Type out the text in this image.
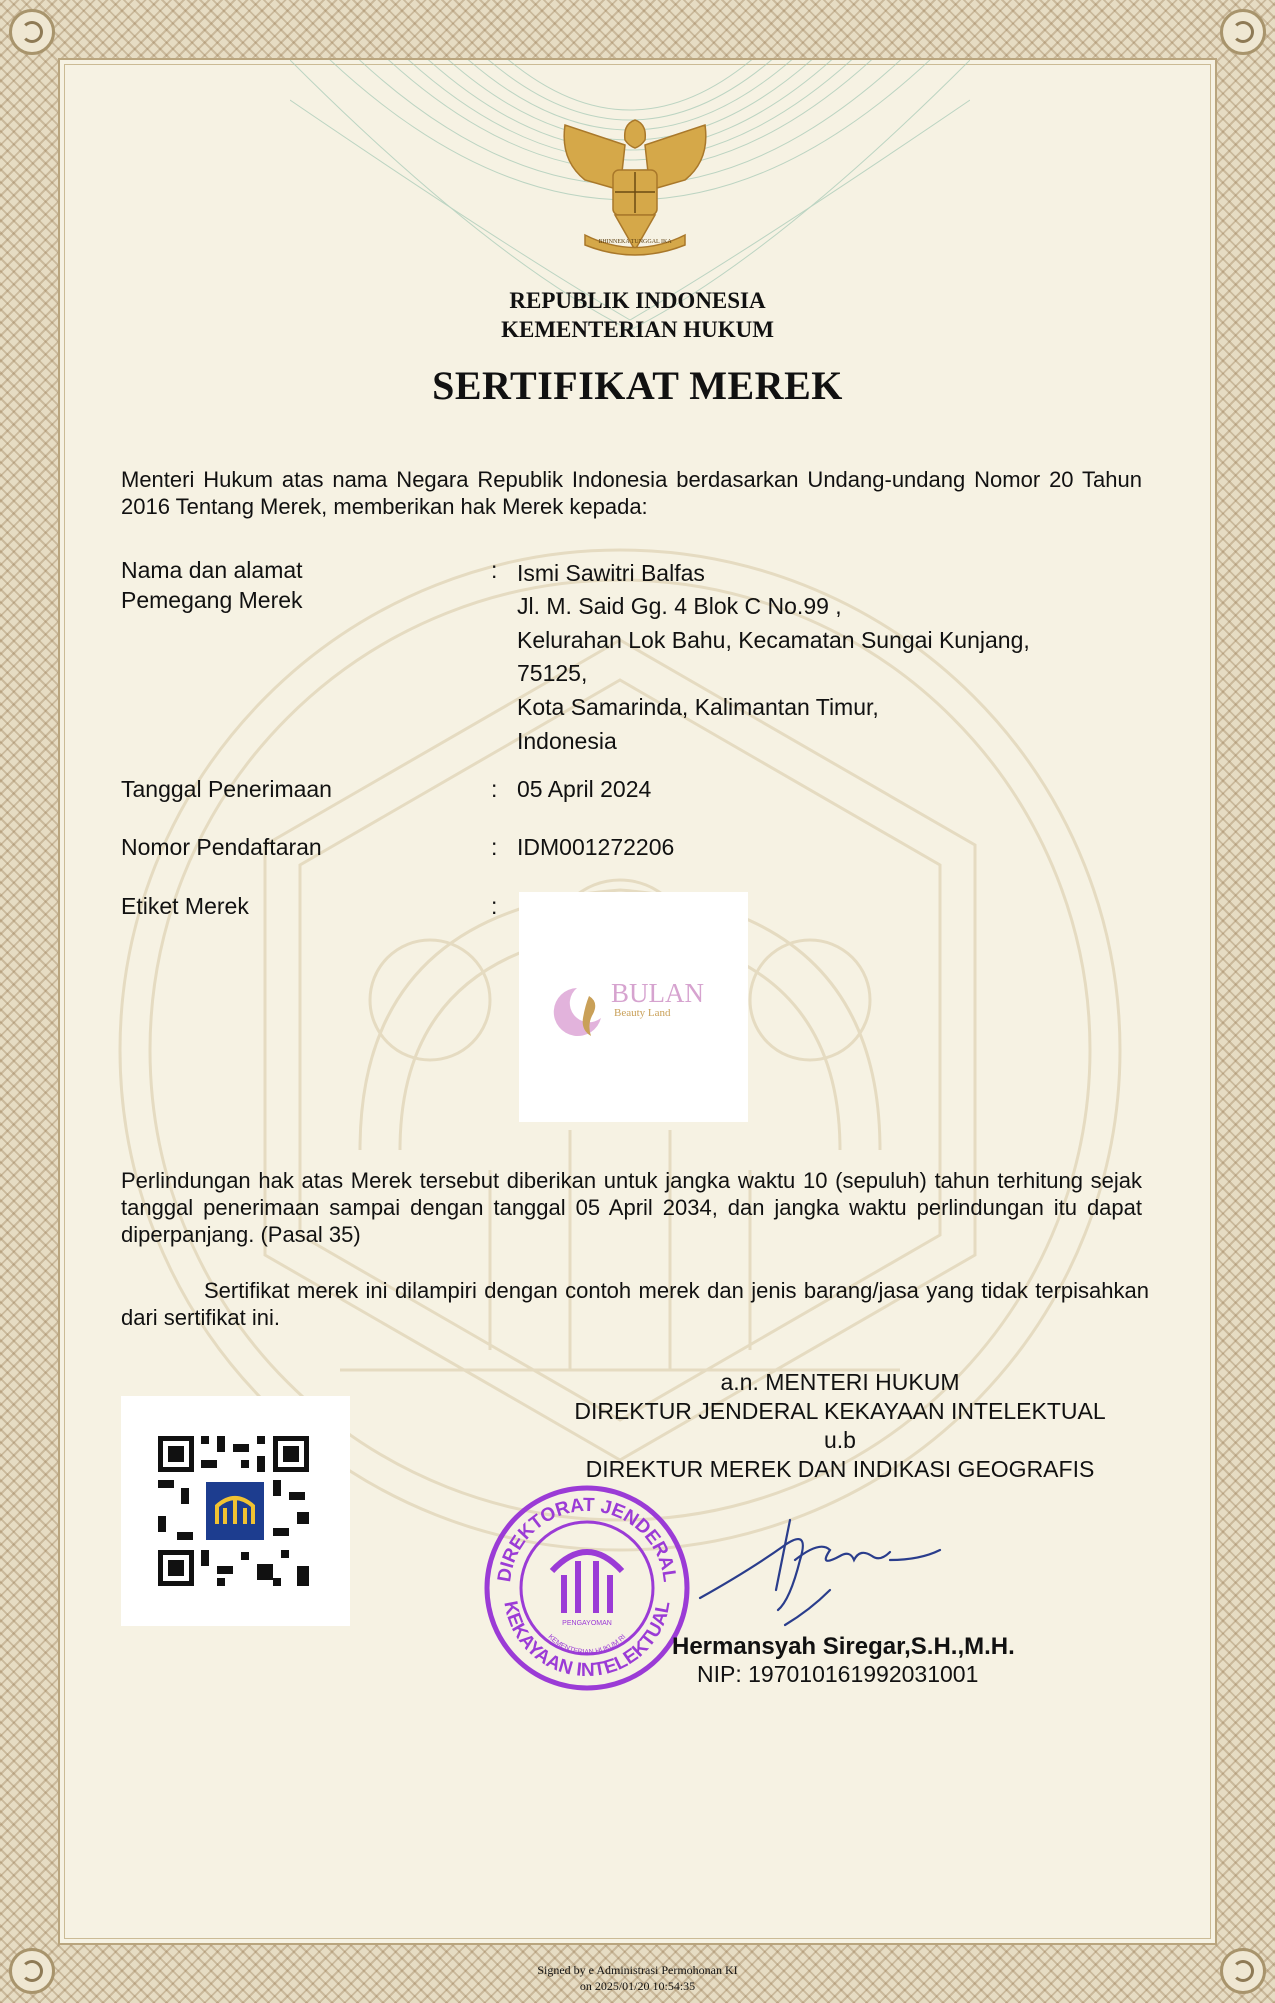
BHINNEKA TUNGGAL IKA
REPUBLIK INDONESIA
KEMENTERIAN HUKUM
SERTIFIKAT MEREK
Menteri Hukum atas nama Negara Republik Indonesia berdasarkan Undang-undang Nomor 20 Tahun 2016 Tentang Merek, memberikan hak Merek kepada:
Nama dan alamat
Pemegang Merek
: Ismi Sawitri Balfas
Jl. M. Said Gg. 4 Blok C No.99 ,
Kelurahan Lok Bahu, Kecamatan Sungai Kunjang,
75125,
Kota Samarinda, Kalimantan Timur,
Indonesia
Tanggal Penerimaan	: 05 April 2024
Nomor Pendaftaran	: IDM001272206
Etiket Merek	:
BULAN
Beauty Land
Perlindungan hak atas Merek tersebut diberikan untuk jangka waktu 10 (sepuluh) tahun terhitung sejak tanggal penerimaan sampai dengan tanggal 05 April 2034, dan jangka waktu perlindungan itu dapat diperpanjang. (Pasal 35)
Sertifikat merek ini dilampiri dengan contoh merek dan jenis barang/jasa yang tidak terpisahkan dari sertifikat ini.
a.n. MENTERI HUKUM
DIREKTUR JENDERAL KEKAYAAN INTELEKTUAL
u.b
DIREKTUR MEREK DAN INDIKASI GEOGRAFIS
DIREKTORAT JENDERAL
KEKAYAAN INTELEKTUAL
KEMENTERIAN HUKUM RI
PENGAYOMAN
Hermansyah Siregar,S.H.,M.H.
NIP: 197010161992031001
Signed by e Administrasi Permohonan KI
on 2025/01/20 10:54:35
